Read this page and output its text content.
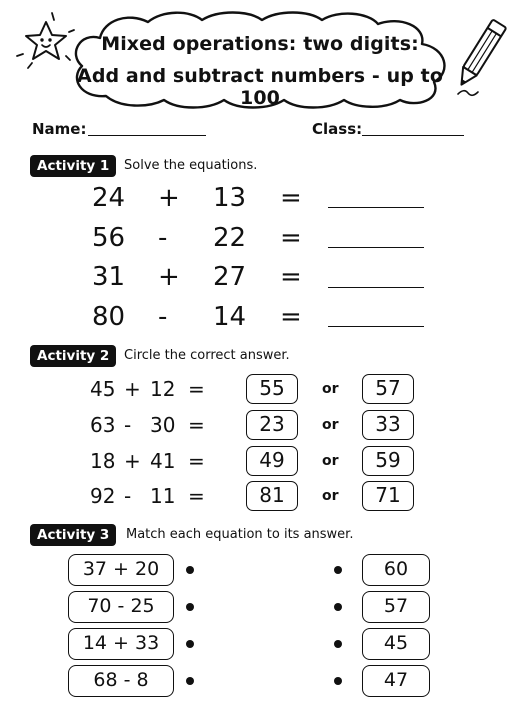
Mixed operations: two digits:
Add and subtract numbers - up to 100
Name:	Class:
Activity 1	Solve the equations.
24 + 13 =
56 - 22 =
31 + 27 =
80 - 14 =
Activity 2	Circle the correct answer.
45 + 12 =	55	or	57
63 - 30 =	23	or	33
18 + 41 =	49	or	59
92 - 11 =	81	or	71
Activity 3	Match each equation to its answer.
37 + 20	60
70 - 25	57
14 + 33	45
68 - 8	47
